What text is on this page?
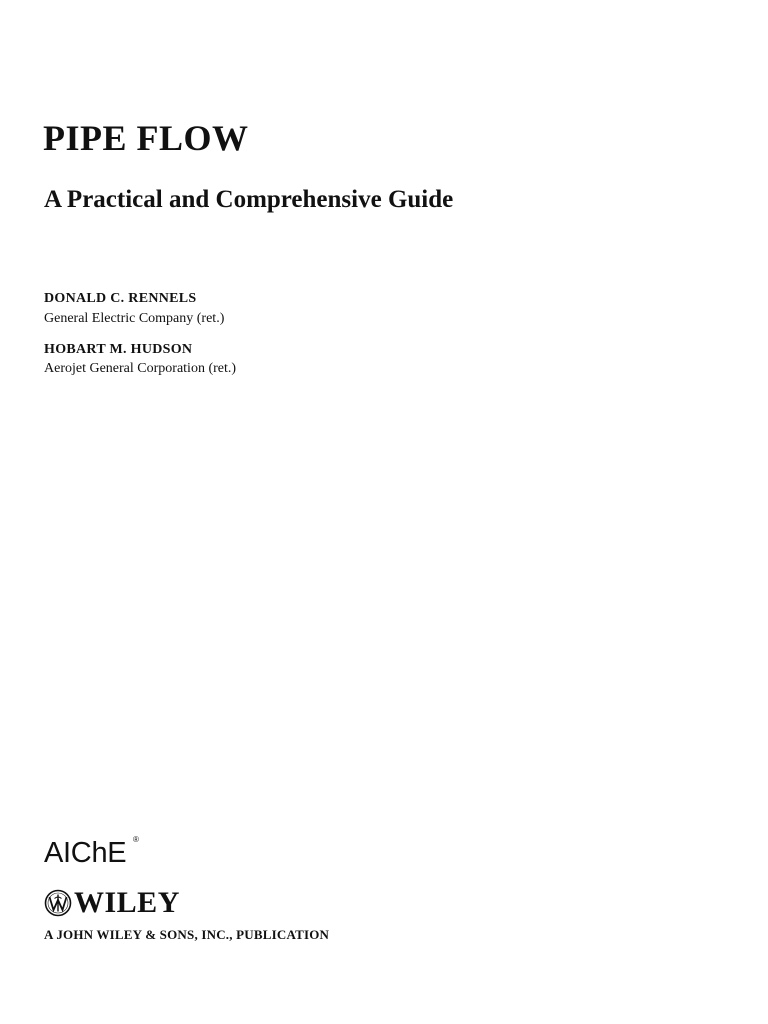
PIPE FLOW
A Practical and Comprehensive Guide
DONALD C. RENNELS
General Electric Company (ret.)
HOBART M. HUDSON
Aerojet General Corporation (ret.)
AIChE ®
WILEY
A JOHN WILEY & SONS, INC., PUBLICATION
